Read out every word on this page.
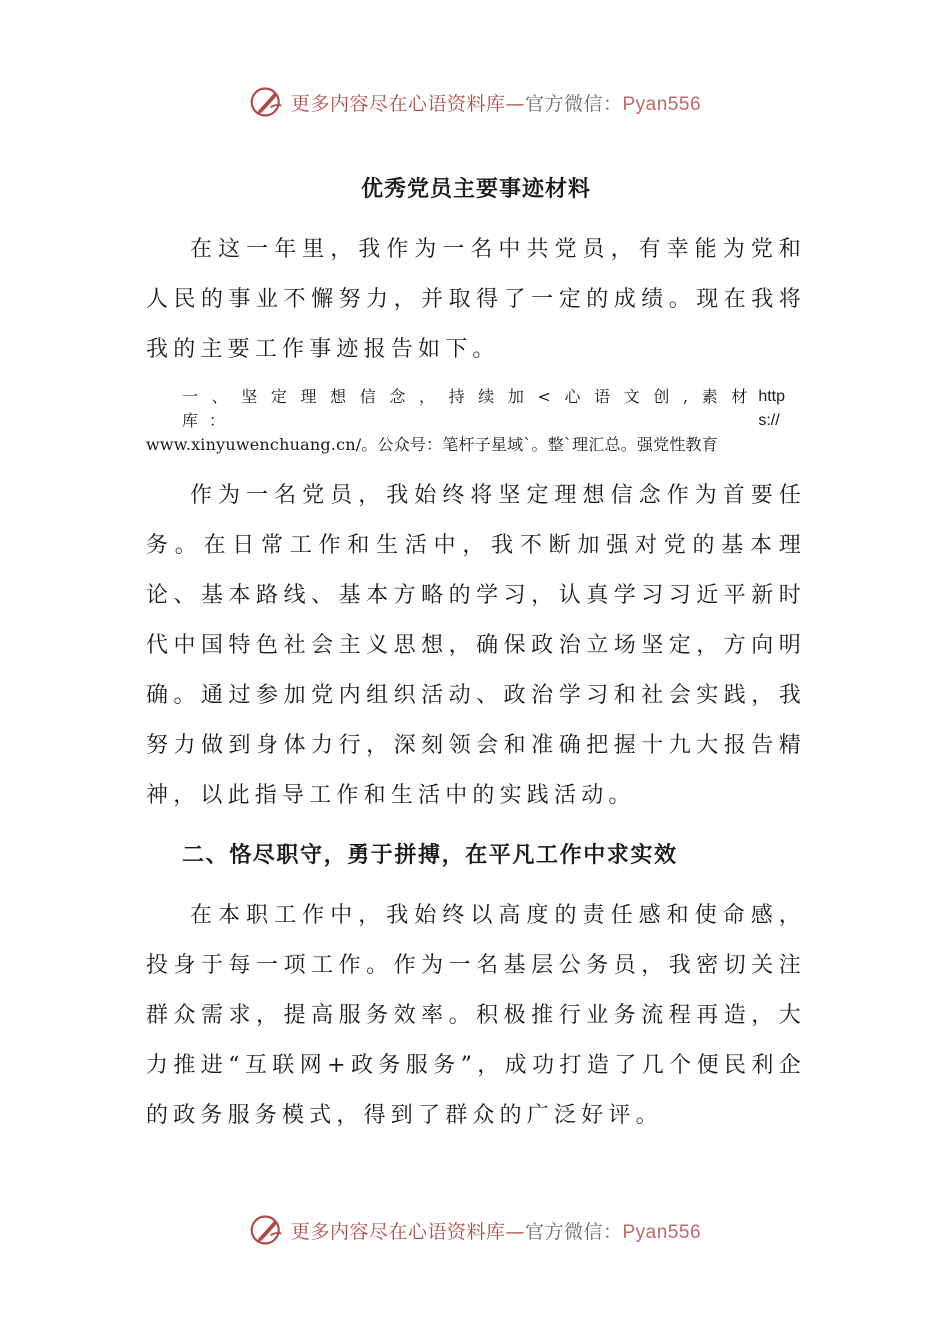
更多内容尽在心语资料库—官方微信：Pyan556
优秀党员主要事迹材料

在这一年里，我作为一名中共党员，有幸能为党和人民的事业不懈努力，并取得了一定的成绩。现在我将我的主要工作事迹报告如下。

一、坚定理想信念，持续加<心语文创,素材库：
https://
www.xinyuwenchuang.cn/。公众号：笔杆子星域`。整`理汇总。强党性教育

作为一名党员，我始终将坚定理想信念作为首要任务。在日常工作和生活中，我不断加强对党的基本理论、基本路线、基本方略的学习，认真学习习近平新时代中国特色社会主义思想，确保政治立场坚定，方向明确。通过参加党内组织活动、政治学习和社会实践，我努力做到身体力行，深刻领会和准确把握十九大报告精神，以此指导工作和生活中的实践活动。

二、恪尽职守，勇于拼搏，在平凡工作中求实效

在本职工作中，我始终以高度的责任感和使命感，投身于每一项工作。作为一名基层公务员，我密切关注群众需求，提高服务效率。积极推行业务流程再造，大力推进“互联网+政务服务”，成功打造了几个便民利企的政务服务模式，得到了群众的广泛好评。

更多内容尽在心语资料库—官方微信：Pyan556
